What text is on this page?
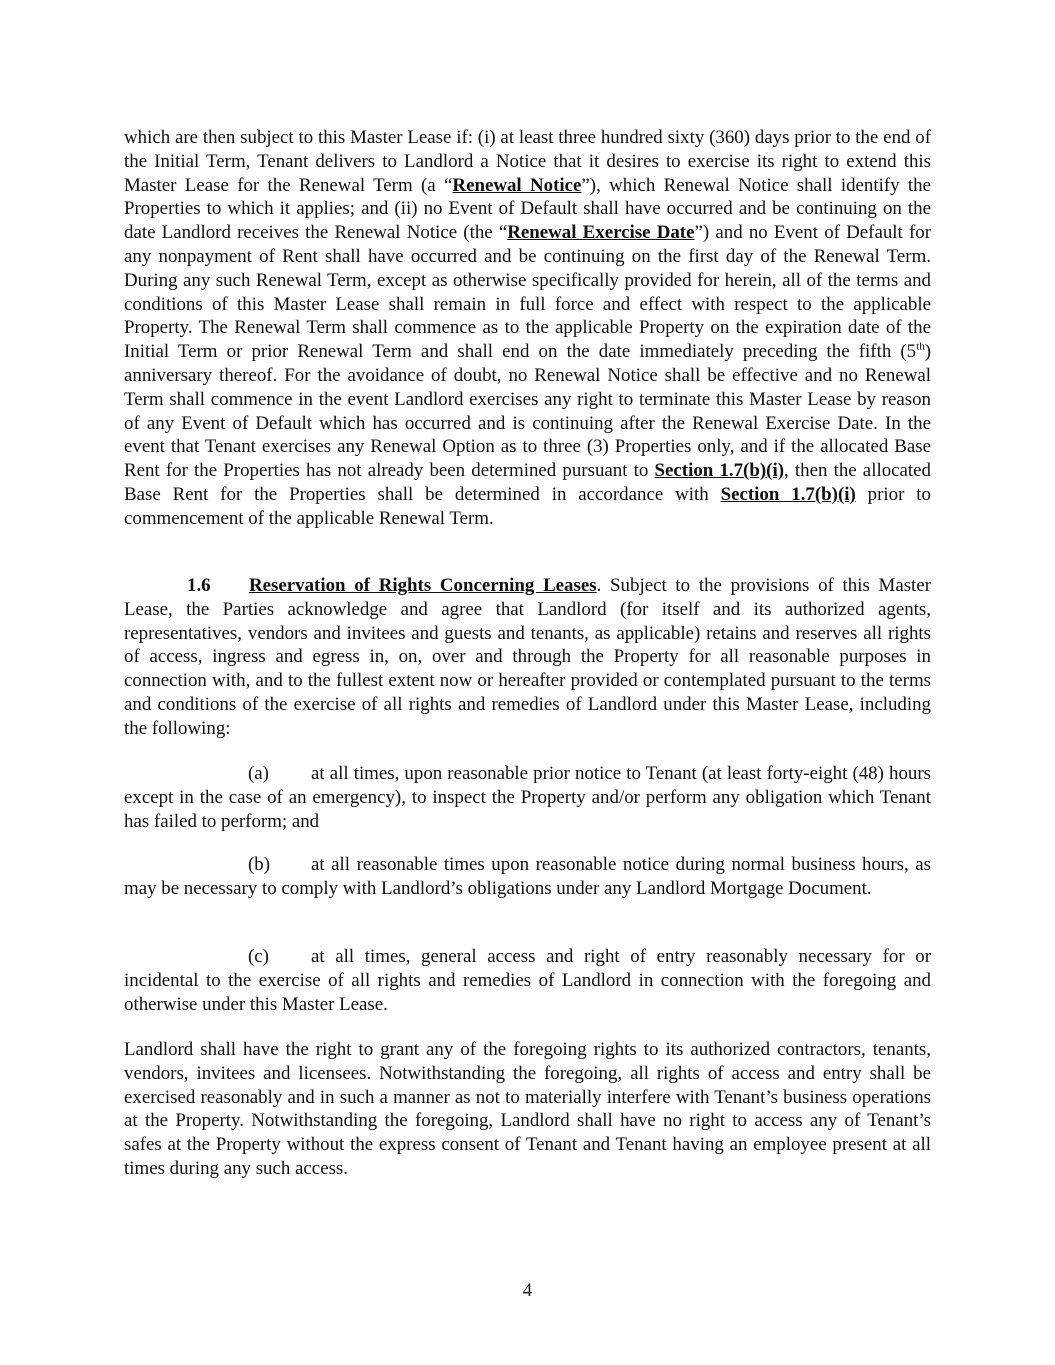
which are then subject to this Master Lease if: (i) at least three hundred sixty (360) days prior to the end of the Initial Term, Tenant delivers to Landlord a Notice that it desires to exercise its right to extend this Master Lease for the Renewal Term (a “Renewal Notice”), which Renewal Notice shall identify the Properties to which it applies; and (ii) no Event of Default shall have occurred and be continuing on the date Landlord receives the Renewal Notice (the “Renewal Exercise Date”) and no Event of Default for any nonpayment of Rent shall have occurred and be continuing on the first day of the Renewal Term. During any such Renewal Term, except as otherwise specifically provided for herein, all of the terms and conditions of this Master Lease shall remain in full force and effect with respect to the applicable Property. The Renewal Term shall commence as to the applicable Property on the expiration date of the Initial Term or prior Renewal Term and shall end on the date immediately preceding the fifth (5th) anniversary thereof. For the avoidance of doubt, no Renewal Notice shall be effective and no Renewal Term shall commence in the event Landlord exercises any right to terminate this Master Lease by reason of any Event of Default which has occurred and is continuing after the Renewal Exercise Date. In the event that Tenant exercises any Renewal Option as to three (3) Properties only, and if the allocated Base Rent for the Properties has not already been determined pursuant to Section 1.7(b)(i), then the allocated Base Rent for the Properties shall be determined in accordance with Section 1.7(b)(i) prior to commencement of the applicable Renewal Term.

1.6 Reservation of Rights Concerning Leases. Subject to the provisions of this Master Lease, the Parties acknowledge and agree that Landlord (for itself and its authorized agents, representatives, vendors and invitees and guests and tenants, as applicable) retains and reserves all rights of access, ingress and egress in, on, over and through the Property for all reasonable purposes in connection with, and to the fullest extent now or hereafter provided or contemplated pursuant to the terms and conditions of the exercise of all rights and remedies of Landlord under this Master Lease, including the following:

(a) at all times, upon reasonable prior notice to Tenant (at least forty-eight (48) hours except in the case of an emergency), to inspect the Property and/or perform any obligation which Tenant has failed to perform; and

(b) at all reasonable times upon reasonable notice during normal business hours, as may be necessary to comply with Landlord’s obligations under any Landlord Mortgage Document.

(c) at all times, general access and right of entry reasonably necessary for or incidental to the exercise of all rights and remedies of Landlord in connection with the foregoing and otherwise under this Master Lease.

Landlord shall have the right to grant any of the foregoing rights to its authorized contractors, tenants, vendors, invitees and licensees. Notwithstanding the foregoing, all rights of access and entry shall be exercised reasonably and in such a manner as not to materially interfere with Tenant’s business operations at the Property. Notwithstanding the foregoing, Landlord shall have no right to access any of Tenant’s safes at the Property without the express consent of Tenant and Tenant having an employee present at all times during any such access.

4
